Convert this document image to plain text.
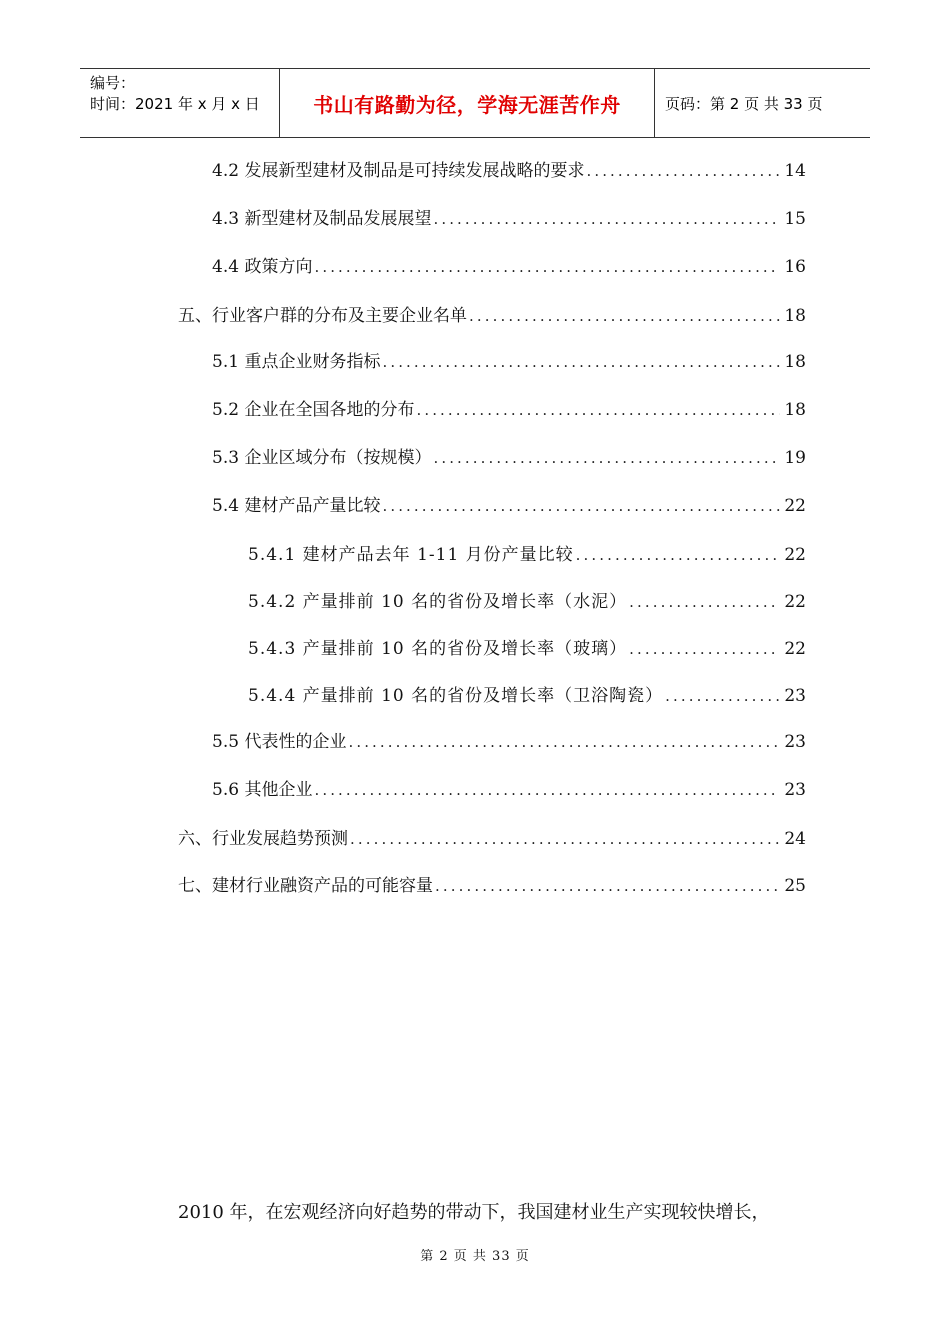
编号：
时间：2021 年 x 月 x 日	书山有路勤为径，学海无涯苦作舟	页码：第 2 页 共 33 页
4.2 发展新型建材及制品是可持续发展战略的要求 .....	14
4.3 新型建材及制品发展展望 .....	15
4.4 政策方向 .....	16
五、行业客户群的分布及主要企业名单 .....	18
5.1 重点企业财务指标 .....	18
5.2 企业在全国各地的分布 .....	18
5.3 企业区域分布（按规模） .....	19
5.4 建材产品产量比较 .....	22
5.4.1 建材产品去年 1-11 月份产量比较 .....	22
5.4.2 产量排前 10 名的省份及增长率（水泥） .....	22
5.4.3 产量排前 10 名的省份及增长率（玻璃） .....	22
5.4.4 产量排前 10 名的省份及增长率（卫浴陶瓷） .....	23
5.5 代表性的企业 .....	23
5.6 其他企业 .....	23
六、行业发展趋势预测 .....	24
七、建材行业融资产品的可能容量 .....	25
2010 年，在宏观经济向好趋势的带动下，我国建材业生产实现较快增长，
第 2 页 共 33 页
